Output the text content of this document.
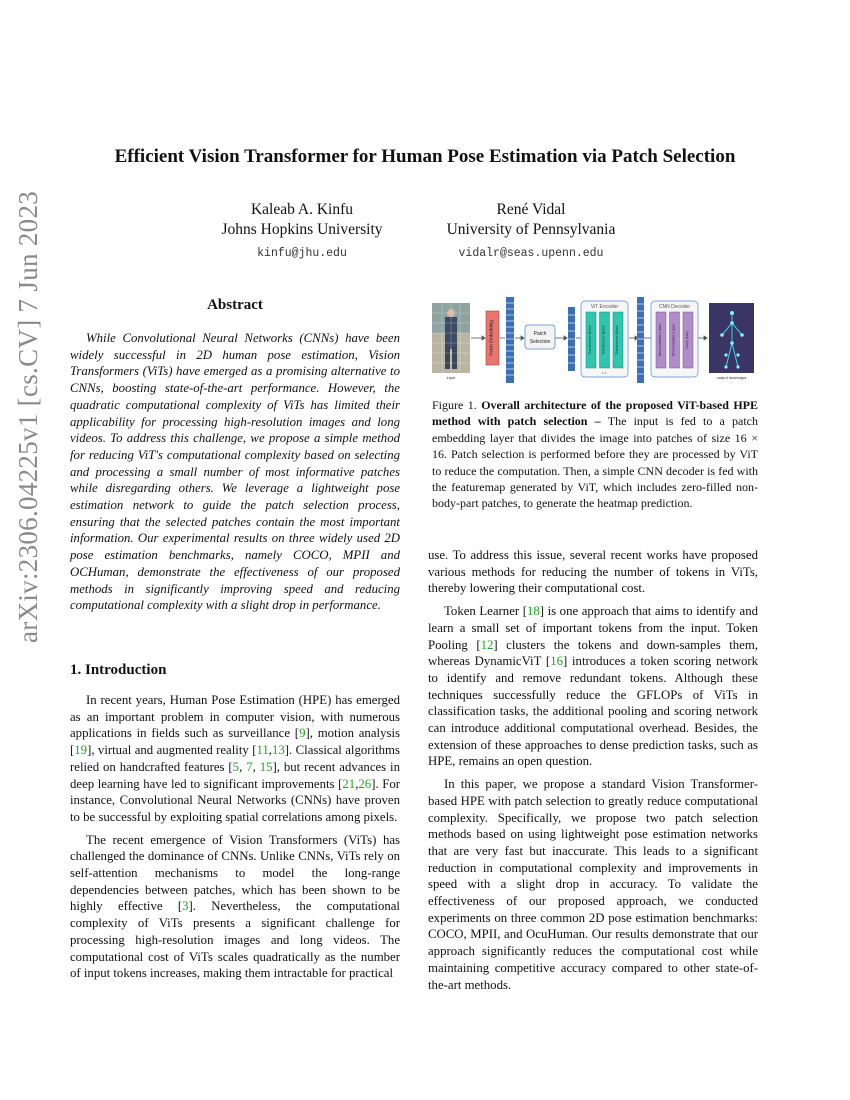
arXiv:2306.04225v1 [cs.CV] 7 Jun 2023
Efficient Vision Transformer for Human Pose Estimation via Patch Selection
Kaleab A. Kinfu
Johns Hopkins University
kinfu@jhu.edu
René Vidal
University of Pennsylvania
vidalr@seas.upenn.edu
Abstract
While Convolutional Neural Networks (CNNs) have been widely successful in 2D human pose estimation, Vision Transformers (ViTs) have emerged as a promising alternative to CNNs, boosting state-of-the-art performance. However, the quadratic computational complexity of ViTs has limited their applicability for processing high-resolution images and long videos. To address this challenge, we propose a simple method for reducing ViT's computational complexity based on selecting and processing a small number of most informative patches while disregarding others. We leverage a lightweight pose estimation network to guide the patch selection process, ensuring that the selected patches contain the most important information. Our experimental results on three widely used 2D pose estimation benchmarks, namely COCO, MPII and OCHuman, demonstrate the effectiveness of our proposed methods in significantly improving speed and reducing computational complexity with a slight drop in performance.
1. Introduction

In recent years, Human Pose Estimation (HPE) has emerged as an important problem in computer vision, with numerous applications in fields such as surveillance [9], motion analysis [19], virtual and augmented reality [11,13]. Classical algorithms relied on handcrafted features [5, 7, 15], but recent advances in deep learning have led to significant improvements [21,26]. For instance, Convolutional Neural Networks (CNNs) have proven to be successful by exploiting spatial correlations among pixels.

The recent emergence of Vision Transformers (ViTs) has challenged the dominance of CNNs. Unlike CNNs, ViTs rely on self-attention mechanisms to model the long-range dependencies between patches, which has been shown to be highly effective [3]. Nevertheless, the computational complexity of ViTs presents a significant challenge for processing high-resolution images and long videos. The computational cost of ViTs scales quadratically as the number of input tokens increases, making them intractable for practical

use. To address this issue, several recent works have proposed various methods for reducing the number of tokens in ViTs, thereby lowering their computational cost.

Token Learner [18] is one approach that aims to identify and learn a small set of important tokens from the input. Token Pooling [12] clusters the tokens and down-samples them, whereas DynamicViT [16] introduces a token scoring network to identify and remove redundant tokens. Although these techniques successfully reduce the GFLOPs of ViTs in classification tasks, the additional pooling and scoring network can introduce additional computational overhead. Besides, the extension of these approaches to dense prediction tasks, such as HPE, remains an open question.

In this paper, we propose a standard Vision Transformer-based HPE with patch selection to greatly reduce computational complexity. Specifically, we propose two patch selection methods based on using lightweight pose estimation networks that are very fast but inaccurate. This leads to a significant reduction in computational complexity and improvements in speed with a slight drop in accuracy. To validate the effectiveness of our proposed approach, we conducted experiments on three common 2D pose estimation benchmarks: COCO, MPII, and OcuHuman. Our results demonstrate that our approach significantly reduces the computational cost while maintaining competitive accuracy compared to other state-of-the-art methods.

input
Patch Embedding	Patch
Selection
ViT Encoder
Transformer Block	Transformer Block	Transformer Block
× L
CNN Decoder
Deconvolution Layer	Deconvolution Layer	Conv (1x1)
output heatmaps
Figure 1. Overall architecture of the proposed ViT-based HPE method with patch selection – The input is fed to a patch embedding layer that divides the image into patches of size 16 × 16. Patch selection is performed before they are processed by ViT to reduce the computation. Then, a simple CNN decoder is fed with the featuremap generated by ViT, which includes zero-filled non-body-part patches, to generate the heatmap prediction.
